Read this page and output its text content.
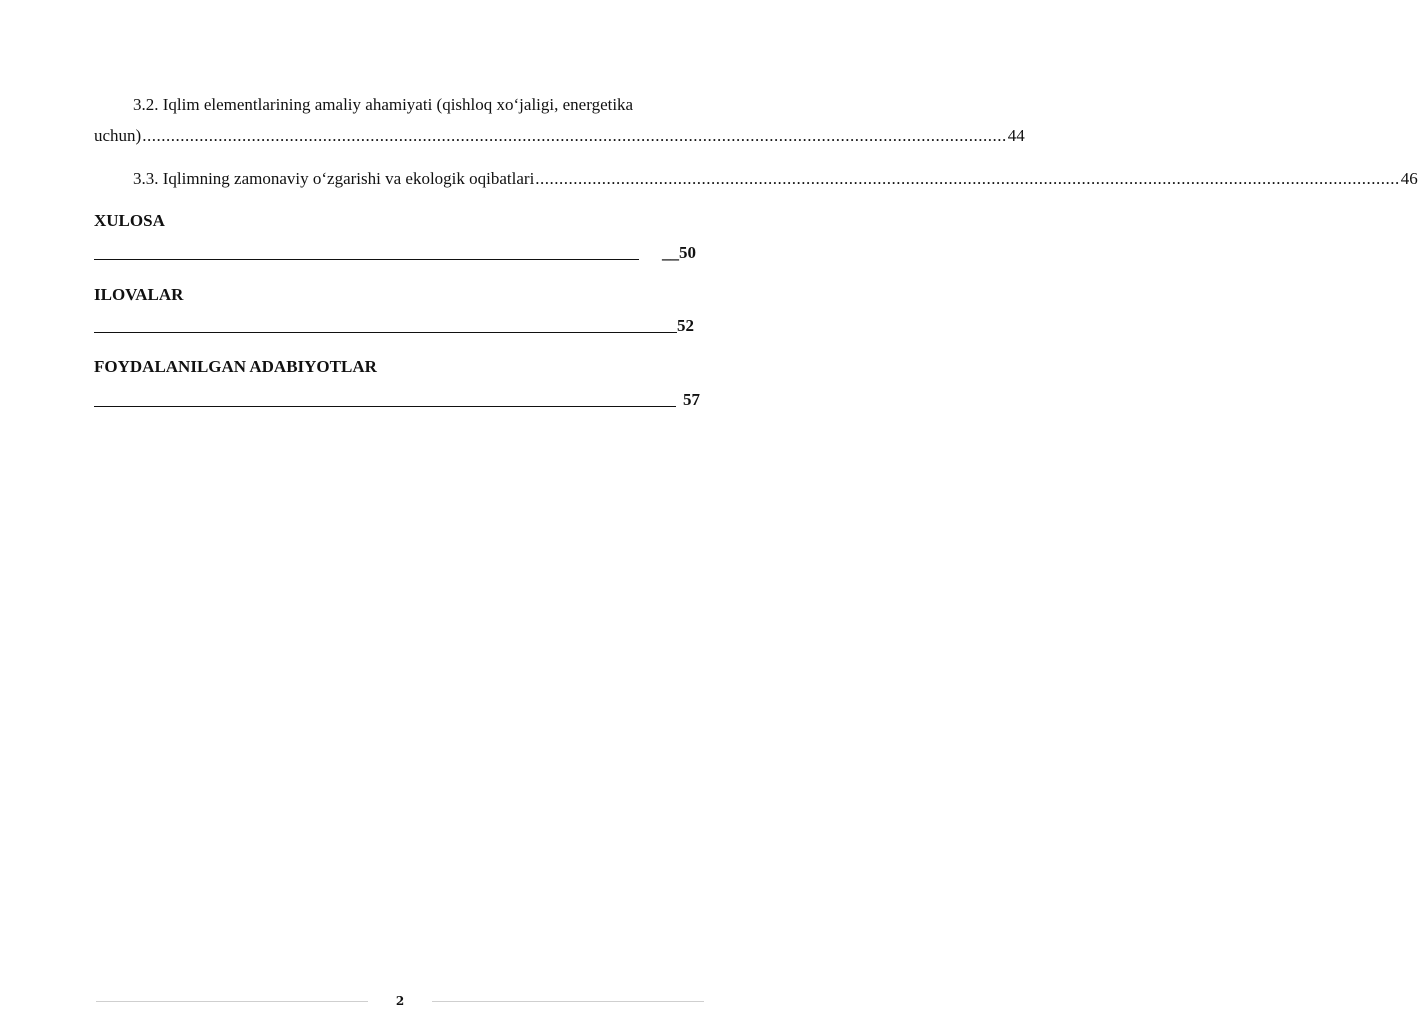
3.2. Iqlim elementlarining amaliy ahamiyati (qishloq xo‘jaligi, energetika
uchun) ...................................................................................................................................................................................... 44
3.3. Iqlimning zamonaviy o‘zgarishi va ekologik oqibatlari ...................................................................................................................................................................................... 46
XULOSA
__50
ILOVALAR
52
FOYDALANILGAN ADABIYOTLAR
57
2
